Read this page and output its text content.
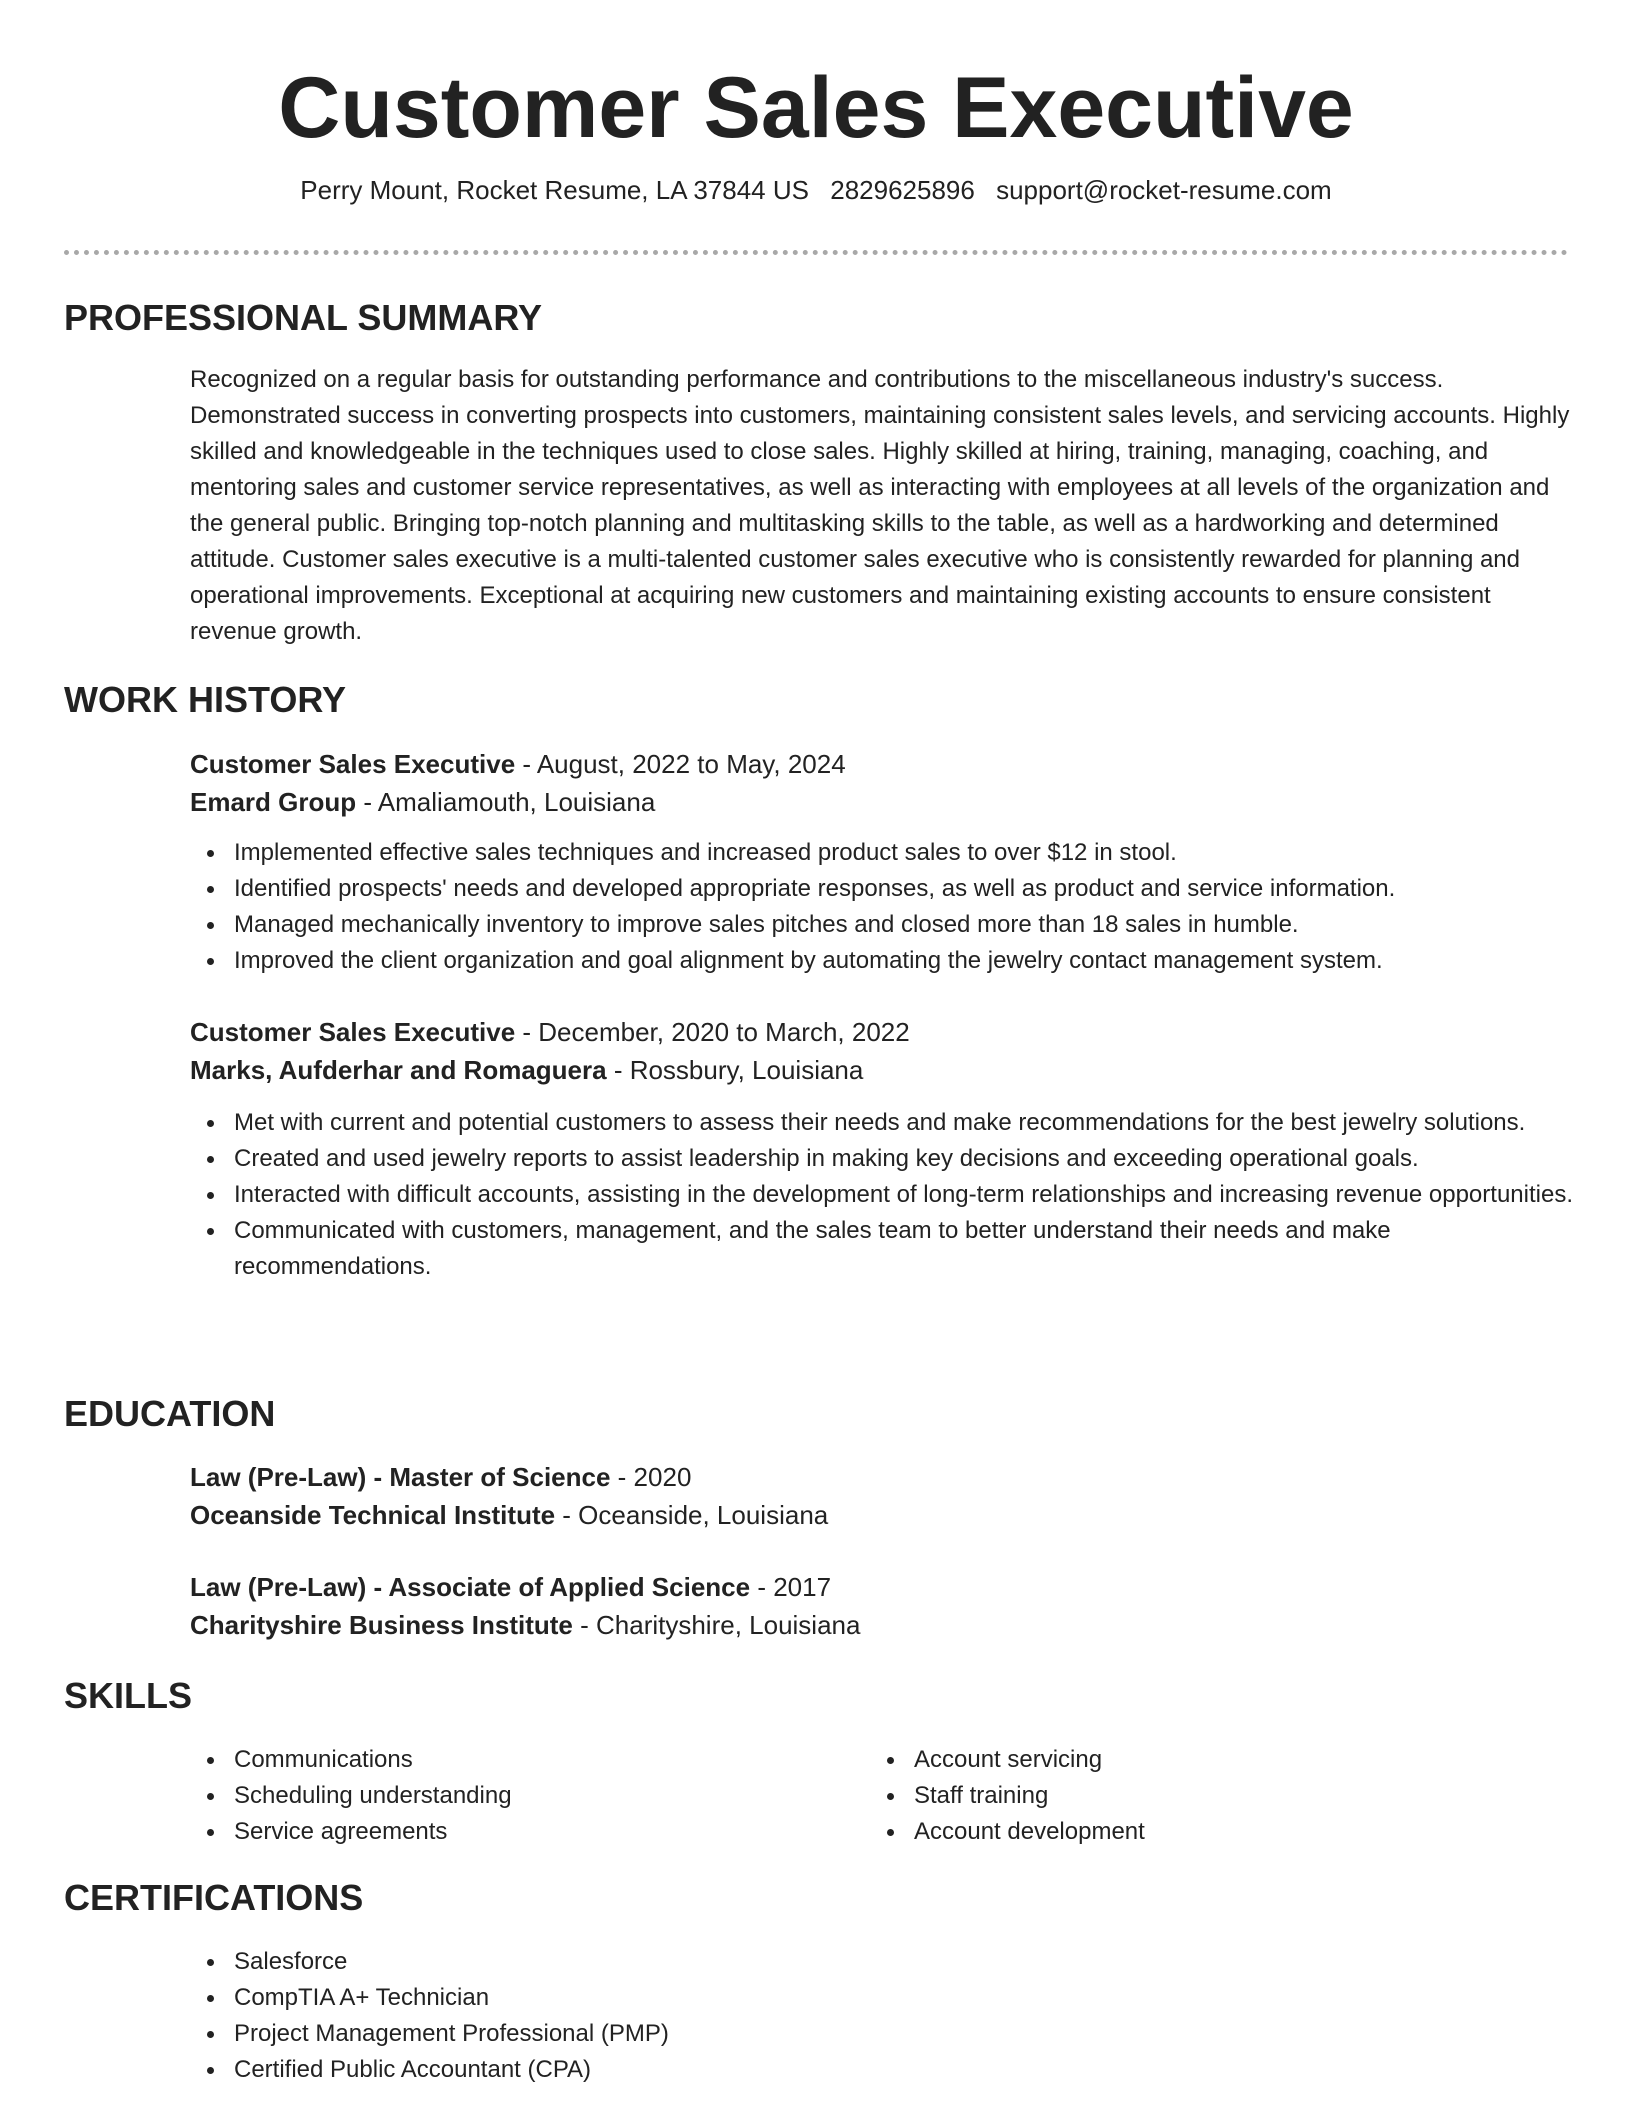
Customer Sales Executive
Perry Mount, Rocket Resume, LA 37844 US 2829625896 support@rocket-resume.com
PROFESSIONAL SUMMARY
Recognized on a regular basis for outstanding performance and contributions to the miscellaneous industry's success. Demonstrated success in converting prospects into customers, maintaining consistent sales levels, and servicing accounts. Highly skilled and knowledgeable in the techniques used to close sales. Highly skilled at hiring, training, managing, coaching, and mentoring sales and customer service representatives, as well as interacting with employees at all levels of the organization and the general public. Bringing top-notch planning and multitasking skills to the table, as well as a hardworking and determined attitude. Customer sales executive is a multi-talented customer sales executive who is consistently rewarded for planning and operational improvements. Exceptional at acquiring new customers and maintaining existing accounts to ensure consistent revenue growth.
WORK HISTORY
Customer Sales Executive - August, 2022 to May, 2024
Emard Group - Amaliamouth, Louisiana
Implemented effective sales techniques and increased product sales to over $12 in stool.
Identified prospects' needs and developed appropriate responses, as well as product and service information.
Managed mechanically inventory to improve sales pitches and closed more than 18 sales in humble.
Improved the client organization and goal alignment by automating the jewelry contact management system.
Customer Sales Executive - December, 2020 to March, 2022
Marks, Aufderhar and Romaguera - Rossbury, Louisiana
Met with current and potential customers to assess their needs and make recommendations for the best jewelry solutions.
Created and used jewelry reports to assist leadership in making key decisions and exceeding operational goals.
Interacted with difficult accounts, assisting in the development of long-term relationships and increasing revenue opportunities.
Communicated with customers, management, and the sales team to better understand their needs and make recommendations.
EDUCATION
Law (Pre-Law) - Master of Science - 2020
Oceanside Technical Institute - Oceanside, Louisiana
Law (Pre-Law) - Associate of Applied Science - 2017
Charityshire Business Institute - Charityshire, Louisiana
SKILLS
Communications
Scheduling understanding
Service agreements
Account servicing
Staff training
Account development
CERTIFICATIONS
Salesforce
CompTIA A+ Technician
Project Management Professional (PMP)
Certified Public Accountant (CPA)
